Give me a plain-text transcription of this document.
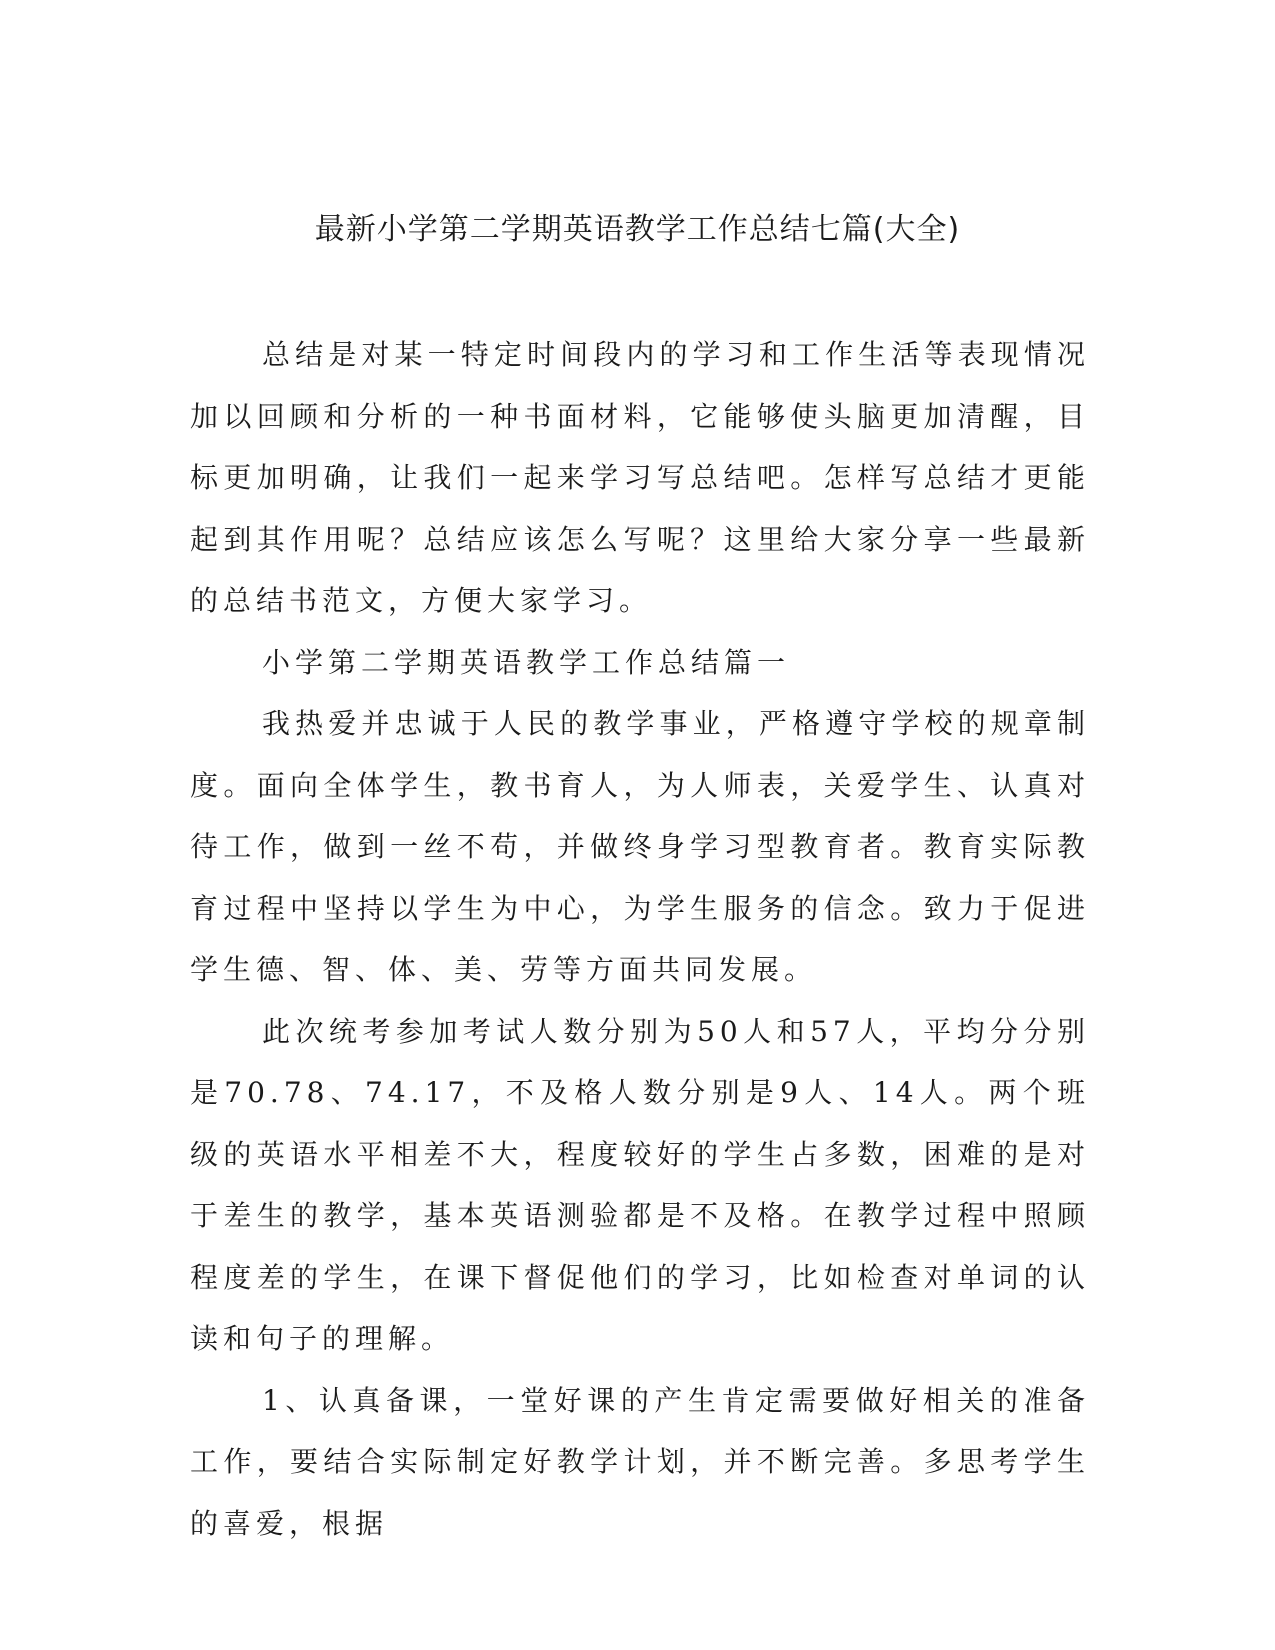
最新小学第二学期英语教学工作总结七篇(大全)

总结是对某一特定时间段内的学习和工作生活等表现情况加以回顾和分析的一种书面材料，它能够使头脑更加清醒，目标更加明确，让我们一起来学习写总结吧。怎样写总结才更能起到其作用呢？总结应该怎么写呢？这里给大家分享一些最新的总结书范文，方便大家学习。

小学第二学期英语教学工作总结篇一

我热爱并忠诚于人民的教学事业，严格遵守学校的规章制度。面向全体学生，教书育人，为人师表，关爱学生、认真对待工作，做到一丝不苟，并做终身学习型教育者。教育实际教育过程中坚持以学生为中心，为学生服务的信念。致力于促进学生德、智、体、美、劳等方面共同发展。

此次统考参加考试人数分别为50人和57人，平均分分别是70.78、74.17，不及格人数分别是9人、14人。两个班级的英语水平相差不大，程度较好的学生占多数，困难的是对于差生的教学，基本英语测验都是不及格。在教学过程中照顾程度差的学生，在课下督促他们的学习，比如检查对单词的认读和句子的理解。

1、认真备课，一堂好课的产生肯定需要做好相关的准备工作，要结合实际制定好教学计划，并不断完善。多思考学生的喜爱，根据
